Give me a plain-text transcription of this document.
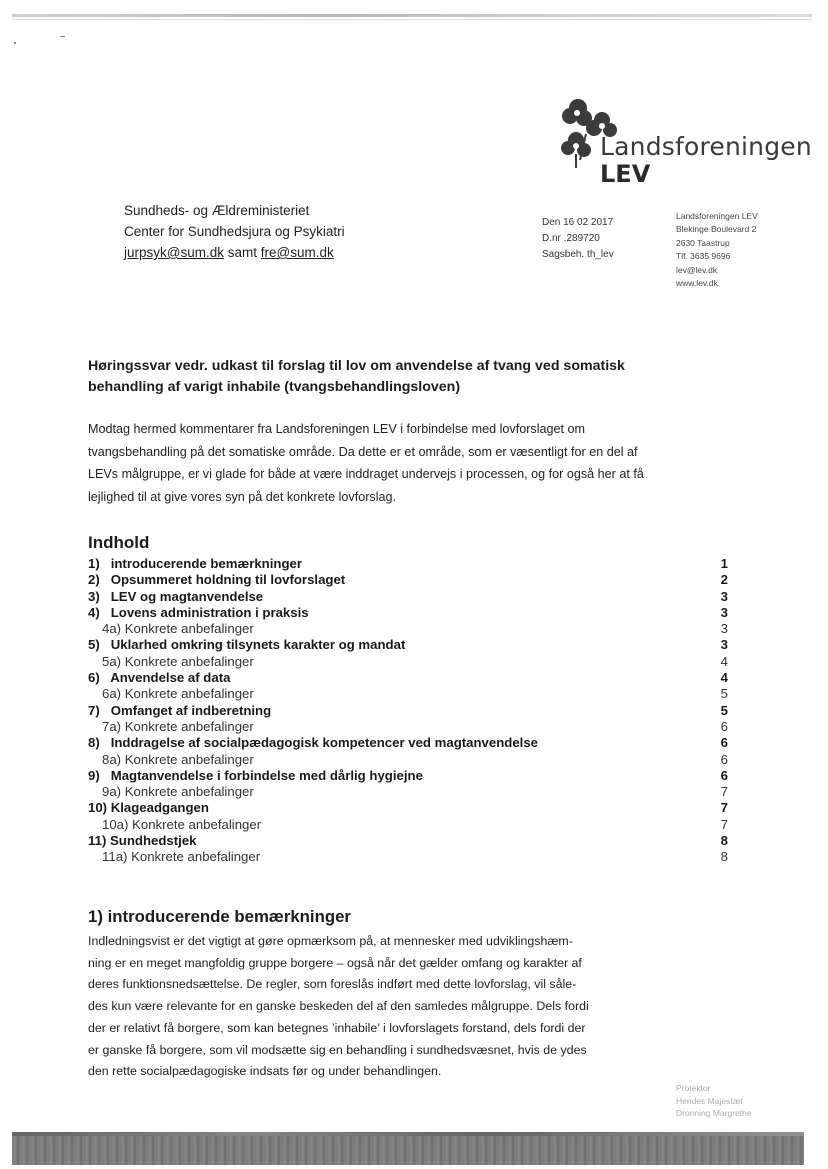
Landsforeningen
LEV
Sundheds- og Ældreministeriet
Center for Sundhedsjura og Psykiatri
jurpsyk@sum.dk samt fre@sum.dk
Den 16 02 2017
D.nr .289720
Sagsbeh. th_lev
Landsforeningen LEV
Blekinge Boulevard 2
2630 Taastrup
Tlf. 3635 9696
lev@lev.dk
www.lev.dk
Høringssvar vedr. udkast til forslag til lov om anvendelse af tvang ved somatisk behandling af varigt inhabile (tvangsbehandlingsloven)
Modtag hermed kommentarer fra Landsforeningen LEV i forbindelse med lovforslaget om tvangsbehandling på det somatiske område. Da dette er et område, som er væsentligt for en del af LEVs målgruppe, er vi glade for både at være inddraget undervejs i processen, og for også her at få lejlighed til at give vores syn på det konkrete lovforslag.
Indhold
1)   introducerende bemærkninger	1
2)   Opsummeret holdning til lovforslaget	2
3)   LEV og magtanvendelse	3
4)   Lovens administration i praksis	3
4a) Konkrete anbefalinger	3
5)   Uklarhed omkring tilsynets karakter og mandat	3
5a) Konkrete anbefalinger	4
6)   Anvendelse af data	4
6a) Konkrete anbefalinger	5
7)   Omfanget af indberetning	5
7a) Konkrete anbefalinger	6
8)   Inddragelse af socialpædagogisk kompetencer ved magtanvendelse	6
8a) Konkrete anbefalinger	6
9)   Magtanvendelse i forbindelse med dårlig hygiejne	6
9a) Konkrete anbefalinger	7
10) Klageadgangen	7
10a) Konkrete anbefalinger	7
11) Sundhedstjek	8
11a) Konkrete anbefalinger	8
1) introducerende bemærkninger
Indledningsvist er det vigtigt at gøre opmærksom på, at mennesker med udviklingshæm-
ning er en meget mangfoldig gruppe borgere – også når det gælder omfang og karakter af
deres funktionsnedsættelse. De regler, som foreslås indført med dette lovforslag, vil såle-
des kun være relevante for en ganske beskeden del af den samledes målgruppe. Dels fordi
der er relativt få borgere, som kan betegnes ’inhabile’ i lovforslagets forstand, dels fordi der
er ganske få borgere, som vil modsætte sig en behandling i sundhedsvæsnet, hvis de ydes
den rette socialpædagogiske indsats før og under behandlingen.
Protektor
Hendes Majestæt
Dronning Margrethe
